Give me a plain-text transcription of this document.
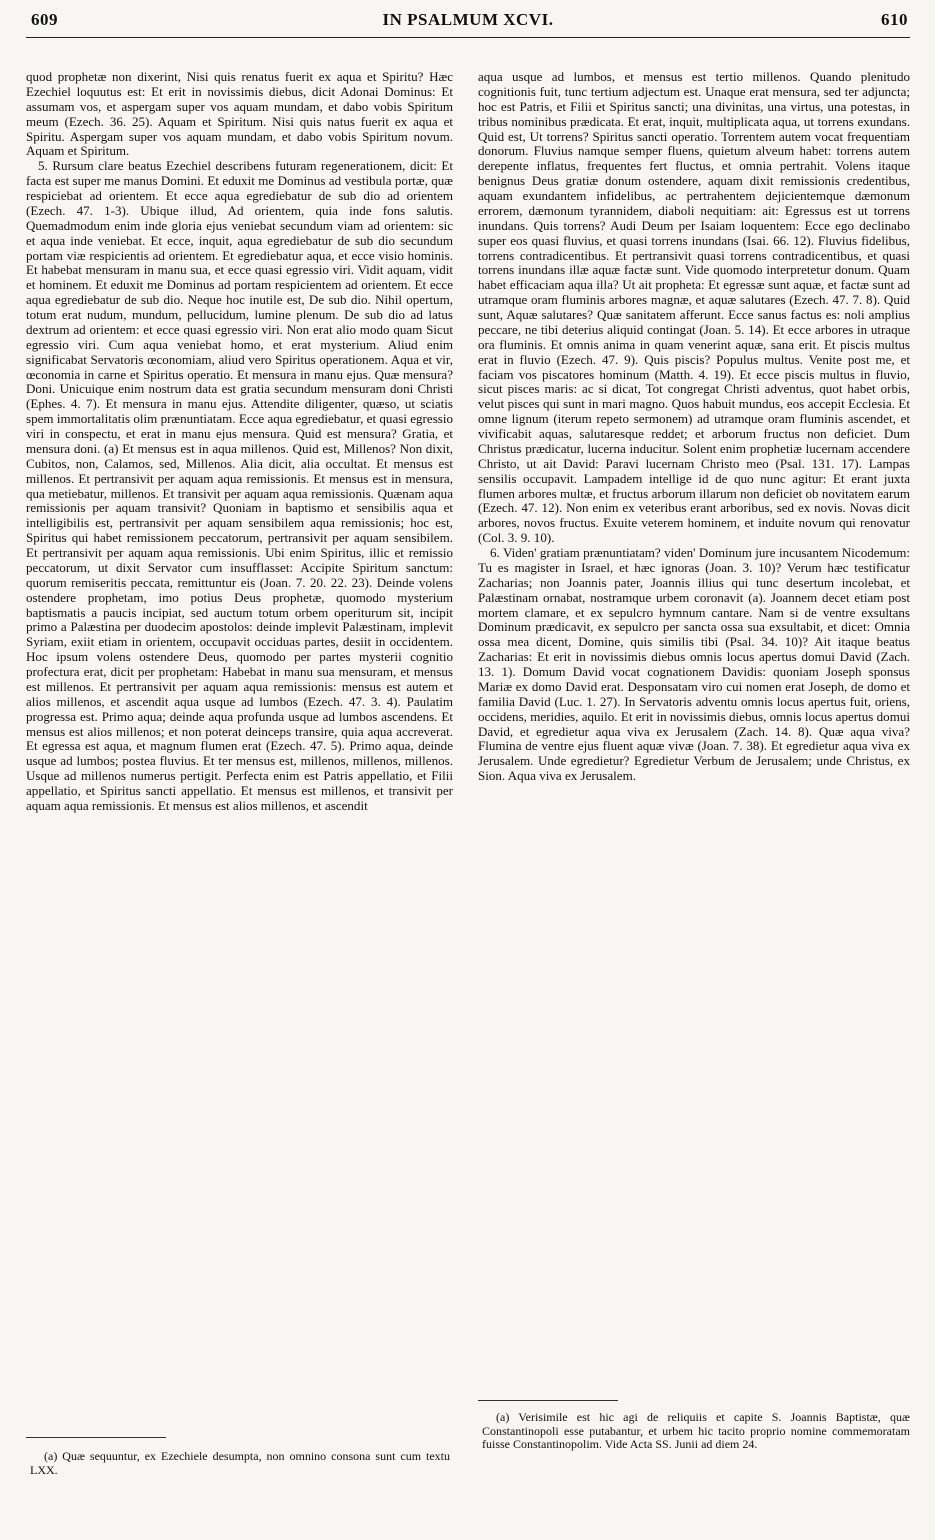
609	IN PSALMUM XCVI.	610

quod prophetæ non dixerint, Nisi quis renatus fuerit ex aqua et Spiritu? Hæc Ezechiel loquutus est: Et erit in novissimis diebus, dicit Adonai Dominus: Et assumam vos, et aspergam super vos aquam mundam, et dabo vobis Spiritum meum (Ezech. 36. 25). Aquam et Spiritum. Nisi quis natus fuerit ex aqua et Spiritu. Aspergam super vos aquam mundam, et dabo vobis Spiritum novum. Aquam et Spiritum.

5. Rursum clare beatus Ezechiel describens futuram regenerationem, dicit: Et facta est super me manus Domini. Et eduxit me Dominus ad vestibula portæ, quæ respiciebat ad orientem. Et ecce aqua egrediebatur de sub dio ad orientem (Ezech. 47. 1-3). Ubique illud, Ad orientem, quia inde fons salutis. Quemadmodum enim inde gloria ejus veniebat secundum viam ad orientem: sic et aqua inde veniebat. Et ecce, inquit, aqua egrediebatur de sub dio secundum portam viæ respicientis ad orientem. Et egrediebatur aqua, et ecce visio hominis. Et habebat mensuram in manu sua, et ecce quasi egressio viri. Vidit aquam, vidit et hominem. Et eduxit me Dominus ad portam respicientem ad orientem. Et ecce aqua egrediebatur de sub dio. Neque hoc inutile est, De sub dio. Nihil opertum, totum erat nudum, mundum, pellucidum, lumine plenum. De sub dio ad latus dextrum ad orientem: et ecce quasi egressio viri. Non erat alio modo quam Sicut egressio viri. Cum aqua veniebat homo, et erat mysterium. Aliud enim significabat Servatoris œconomiam, aliud vero Spiritus operationem. Aqua et vir, œconomia in carne et Spiritus operatio. Et mensura in manu ejus. Quæ mensura? Doni. Unicuique enim nostrum data est gratia secundum mensuram doni Christi (Ephes. 4. 7). Et mensura in manu ejus. Attendite diligenter, quæso, ut sciatis spem immortalitatis olim prænuntiatam. Ecce aqua egrediebatur, et quasi egressio viri in conspectu, et erat in manu ejus mensura. Quid est mensura? Gratia, et mensura doni. (a) Et mensus est in aqua millenos. Quid est, Millenos? Non dixit, Cubitos, non, Calamos, sed, Millenos. Alia dicit, alia occultat. Et mensus est millenos. Et pertransivit per aquam aqua remissionis. Et mensus est in mensura, qua metiebatur, millenos. Et transivit per aquam aqua remissionis. Quænam aqua remissionis per aquam transivit? Quoniam in baptismo et sensibilis aqua et intelligibilis est, pertransivit per aquam sensibilem aqua remissionis; hoc est, Spiritus qui habet remissionem peccatorum, pertransivit per aquam sensibilem. Et pertransivit per aquam aqua remissionis. Ubi enim Spiritus, illic et remissio peccatorum, ut dixit Servator cum insufflasset: Accipite Spiritum sanctum: quorum remiseritis peccata, remittuntur eis (Joan. 7. 20. 22. 23). Deinde volens ostendere prophetam, imo potius Deus prophetæ, quomodo mysterium baptismatis a paucis incipiat, sed auctum totum orbem operiturum sit, incipit primo a Palæstina per duodecim apostolos: deinde implevit Palæstinam, implevit Syriam, exiit etiam in orientem, occupavit occiduas partes, desiit in occidentem. Hoc ipsum volens ostendere Deus, quomodo per partes mysterii cognitio profectura erat, dicit per prophetam: Habebat in manu sua mensuram, et mensus est millenos. Et pertransivit per aquam aqua remissionis: mensus est autem et alios millenos, et ascendit aqua usque ad lumbos (Ezech. 47. 3. 4). Paulatim progressa est. Primo aqua; deinde aqua profunda usque ad lumbos ascendens. Et mensus est alios millenos; et non poterat deinceps transire, quia aqua accreverat. Et egressa est aqua, et magnum flumen erat (Ezech. 47. 5). Primo aqua, deinde usque ad lumbos; postea fluvius. Et ter mensus est, millenos, millenos, millenos. Usque ad millenos numerus pertigit. Perfecta enim est Patris appellatio, et Filii appellatio, et Spiritus sancti appellatio. Et mensus est millenos, et transivit per aquam aqua remissionis. Et mensus est alios millenos, et ascendit

aqua usque ad lumbos, et mensus est tertio millenos. Quando plenitudo cognitionis fuit, tunc tertium adjectum est. Unaque erat mensura, sed ter adjuncta; hoc est Patris, et Filii et Spiritus sancti; una divinitas, una virtus, una potestas, in tribus nominibus prædicata. Et erat, inquit, multiplicata aqua, ut torrens exundans. Quid est, Ut torrens? Spiritus sancti operatio. Torrentem autem vocat frequentiam donorum. Fluvius namque semper fluens, quietum alveum habet: torrens autem derepente inflatus, frequentes fert fluctus, et omnia pertrahit. Volens itaque benignus Deus gratiæ donum ostendere, aquam dixit remissionis credentibus, aquam exundantem infidelibus, ac pertrahentem dejicientemque dæmonum errorem, dæmonum tyrannidem, diaboli nequitiam: ait: Egressus est ut torrens inundans. Quis torrens? Audi Deum per Isaiam loquentem: Ecce ego declinabo super eos quasi fluvius, et quasi torrens inundans (Isai. 66. 12). Fluvius fidelibus, torrens contradicentibus. Et pertransivit quasi torrens contradicentibus, et quasi torrens inundans illæ aquæ factæ sunt. Vide quomodo interpretetur donum. Quam habet efficaciam aqua illa? Ut ait propheta: Et egressæ sunt aquæ, et factæ sunt ad utramque oram fluminis arbores magnæ, et aquæ salutares (Ezech. 47. 7. 8). Quid sunt, Aquæ salutares? Quæ sanitatem afferunt. Ecce sanus factus es: noli amplius peccare, ne tibi deterius aliquid contingat (Joan. 5. 14). Et ecce arbores in utraque ora fluminis. Et omnis anima in quam venerint aquæ, sana erit. Et piscis multus erat in fluvio (Ezech. 47. 9). Quis piscis? Populus multus. Venite post me, et faciam vos piscatores hominum (Matth. 4. 19). Et ecce piscis multus in fluvio, sicut pisces maris: ac si dicat, Tot congregat Christi adventus, quot habet orbis, velut pisces qui sunt in mari magno. Quos habuit mundus, eos accepit Ecclesia. Et omne lignum (iterum repeto sermonem) ad utramque oram fluminis ascendet, et vivificabit aquas, salutaresque reddet; et arborum fructus non deficiet. Dum Christus prædicatur, lucerna inducitur. Solent enim prophetiæ lucernam accendere Christo, ut ait David: Paravi lucernam Christo meo (Psal. 131. 17). Lampas sensilis occupavit. Lampadem intellige id de quo nunc agitur: Et erant juxta flumen arbores multæ, et fructus arborum illarum non deficiet ob novitatem earum (Ezech. 47. 12). Non enim ex veteribus erant arboribus, sed ex novis. Novas dicit arbores, novos fructus. Exuite veterem hominem, et induite novum qui renovatur (Col. 3. 9. 10).

6. Viden' gratiam prænuntiatam? viden' Dominum jure incusantem Nicodemum: Tu es magister in Israel, et hæc ignoras (Joan. 3. 10)? Verum hæc testificatur Zacharias; non Joannis pater, Joannis illius qui tunc desertum incolebat, et Palæstinam ornabat, nostramque urbem coronavit (a). Joannem decet etiam post mortem clamare, et ex sepulcro hymnum cantare. Nam si de ventre exsultans Dominum prædicavit, ex sepulcro per sancta ossa sua exsultabit, et dicet: Omnia ossa mea dicent, Domine, quis similis tibi (Psal. 34. 10)? Ait itaque beatus Zacharias: Et erit in novissimis diebus omnis locus apertus domui David (Zach. 13. 1). Domum David vocat cognationem Davidis: quoniam Joseph sponsus Mariæ ex domo David erat. Desponsatam viro cui nomen erat Joseph, de domo et familia David (Luc. 1. 27). In Servatoris adventu omnis locus apertus fuit, oriens, occidens, meridies, aquilo. Et erit in novissimis diebus, omnis locus apertus domui David, et egredietur aqua viva ex Jerusalem (Zach. 14. 8). Quæ aqua viva? Flumina de ventre ejus fluent aquæ vivæ (Joan. 7. 38). Et egredietur aqua viva ex Jerusalem. Unde egredietur? Egredietur Verbum de Jerusalem; unde Christus, ex Sion. Aqua viva ex Jerusalem.

(a) Quæ sequuntur, ex Ezechiele desumpta, non omnino consona sunt cum textu LXX.

(a) Verisimile est hic agi de reliquiis et capite S. Joannis Baptistæ, quæ Constantinopoli esse putabantur, et urbem hic tacito proprio nomine commemoratam fuisse Constantinopolim. Vide Acta SS. Junii ad diem 24.
